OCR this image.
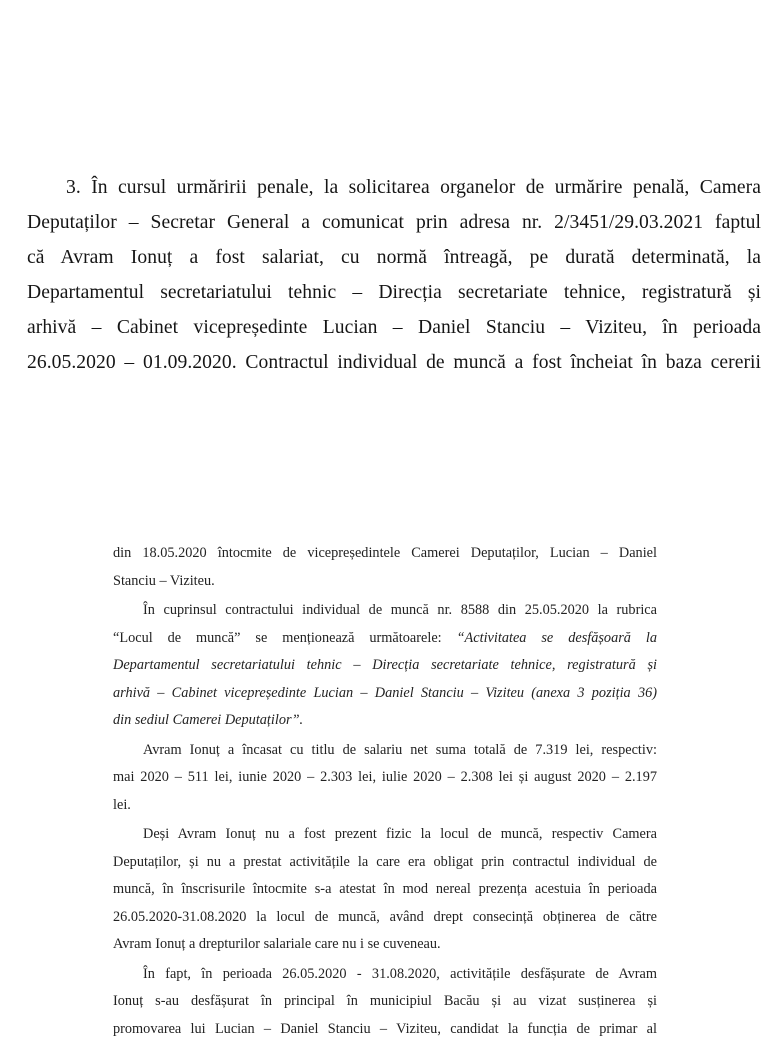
3. În cursul urmăririi penale, la solicitarea organelor de urmărire penală, Camera
Deputaților – Secretar General a comunicat prin adresa nr. 2/3451/29.03.2021 faptul
că Avram Ionuț a fost salariat, cu normă întreagă, pe durată determinată, la
Departamentul secretariatului tehnic – Direcția secretariate tehnice, registratură și
arhivă – Cabinet vicepreședinte Lucian – Daniel Stanciu – Viziteu, în perioada
26.05.2020 – 01.09.2020. Contractul individual de muncă a fost încheiat în baza cererii
din 18.05.2020 întocmite de vicepreședintele Camerei Deputaților, Lucian – Daniel
Stanciu – Viziteu.
În cuprinsul contractului individual de muncă nr. 8588 din 25.05.2020 la rubrica
“Locul de muncă” se menționează următoarele: “Activitatea se desfășoară la
Departamentul secretariatului tehnic – Direcția secretariate tehnice, registratură și
arhivă – Cabinet vicepreședinte Lucian – Daniel Stanciu – Viziteu (anexa 3 poziția 36)
din sediul Camerei Deputaților”.
Avram Ionuț a încasat cu titlu de salariu net suma totală de 7.319 lei, respectiv:
mai 2020 – 511 lei, iunie 2020 – 2.303 lei, iulie 2020 – 2.308 lei și august 2020 – 2.197
lei.
Deși Avram Ionuț nu a fost prezent fizic la locul de muncă, respectiv Camera
Deputaților, și nu a prestat activitățile la care era obligat prin contractul individual de
muncă, în înscrisurile întocmite s-a atestat în mod nereal prezența acestuia în perioada
26.05.2020-31.08.2020 la locul de muncă, având drept consecință obținerea de către
Avram Ionuț a drepturilor salariale care nu i se cuveneau.
În fapt, în perioada 26.05.2020 - 31.08.2020, activitățile desfășurate de Avram
Ionuț s-au desfășurat în principal în municipiul Bacău și au vizat susținerea și
promovarea lui Lucian – Daniel Stanciu – Viziteu, candidat la funcția de primar al
